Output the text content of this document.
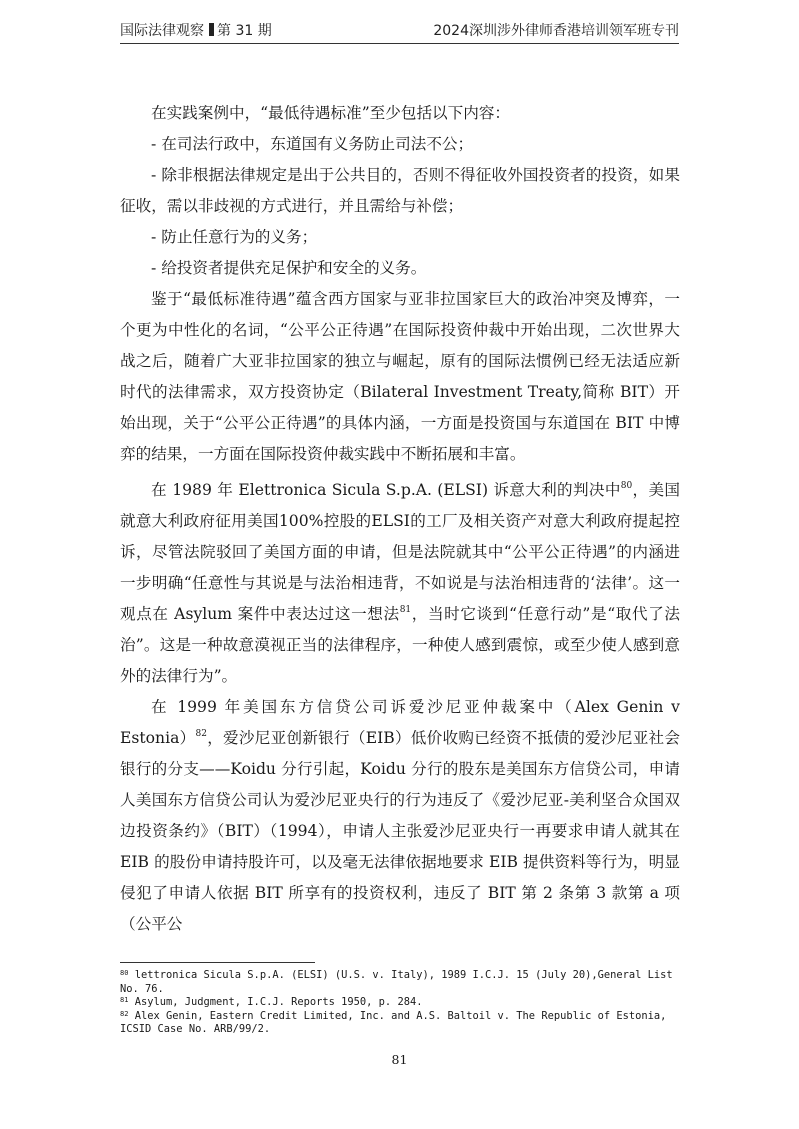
国际法律观察 第 31 期	2024深圳涉外律师香港培训领军班专刊

在实践案例中，“最低待遇标准”至少包括以下内容：

- 在司法行政中，东道国有义务防止司法不公；

- 除非根据法律规定是出于公共目的，否则不得征收外国投资者的投资，如果征收，需以非歧视的方式进行，并且需给与补偿；

- 防止任意行为的义务；

- 给投资者提供充足保护和安全的义务。

鉴于“最低标准待遇”蕴含西方国家与亚非拉国家巨大的政治冲突及博弈，一个更为中性化的名词，“公平公正待遇”在国际投资仲裁中开始出现，二次世界大战之后，随着广大亚非拉国家的独立与崛起，原有的国际法惯例已经无法适应新时代的法律需求，双方投资协定（Bilateral Investment Treaty,简称 BIT）开始出现，关于“公平公正待遇”的具体内涵，一方面是投资国与东道国在 BIT 中博弈的结果，一方面在国际投资仲裁实践中不断拓展和丰富。

在 1989 年 Elettronica Sicula S.p.A. (ELSI) 诉意大利的判决中$^{80}$，美国就意大利政府征用美国100%控股的ELSI的工厂及相关资产对意大利政府提起控诉，尽管法院驳回了美国方面的申请，但是法院就其中“公平公正待遇”的内涵进一步明确“任意性与其说是与法治相违背，不如说是与法治相违背的‘法律’。这一观点在 Asylum 案件中表达过这一想法$^{81}$，当时它谈到“任意行动”是“取代了法治”。这是一种故意漠视正当的法律程序，一种使人感到震惊，或至少使人感到意外的法律行为”。

在 1999 年美国东方信贷公司诉爱沙尼亚仲裁案中（Alex Genin v Estonia）$^{82}$，爱沙尼亚创新银行（EIB）低价收购已经资不抵债的爱沙尼亚社会银行的分支——Koidu 分行引起，Koidu 分行的股东是美国东方信贷公司，申请人美国东方信贷公司认为爱沙尼亚央行的行为违反了《爱沙尼亚-美利坚合众国双边投资条约》（BIT）（1994），申请人主张爱沙尼亚央行一再要求申请人就其在 EIB 的股份申请持股许可，以及毫无法律依据地要求 EIB 提供资料等行为，明显侵犯了申请人依据 BIT 所享有的投资权利，违反了 BIT 第 2 条第 3 款第 a 项（公平公

$^{80}$ lettronica Sicula S.p.A. (ELSI) (U.S. v. Italy), 1989 I.C.J. 15 (July 20),General List No. 76.

$^{81}$ Asylum, Judgment, I.C.J. Reports 1950, p. 284.

$^{82}$ Alex Genin, Eastern Credit Limited, Inc. and A.S. Baltoil v. The Republic of Estonia, ICSID Case No. ARB/99/2.

81
